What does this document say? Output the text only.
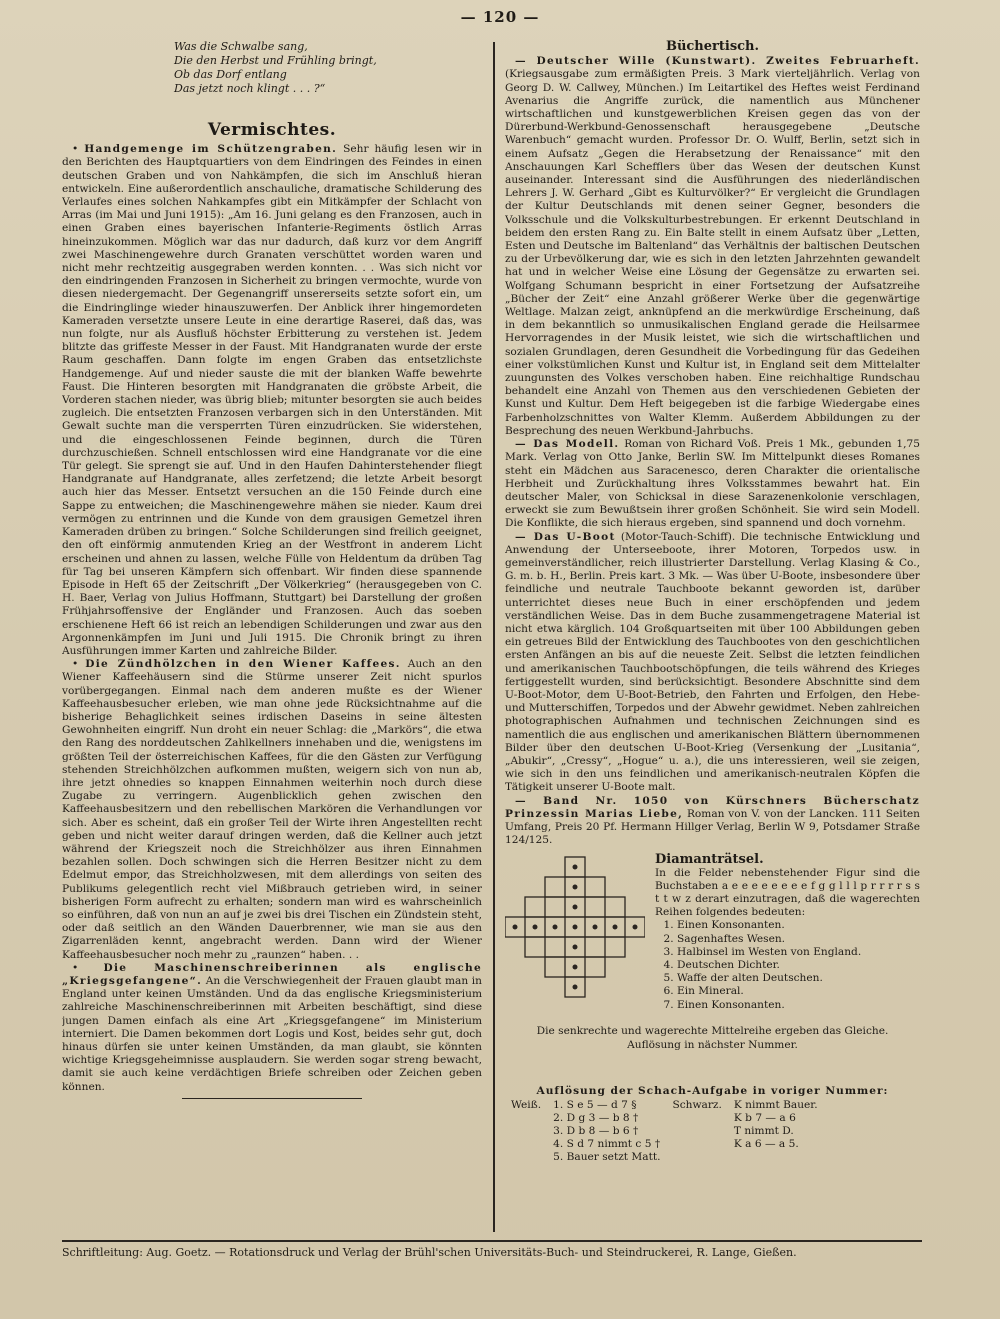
— 120 —
Was die Schwalbe sang,
Die den Herbst und Frühling bringt,
Ob das Dorf entlang
Das jetzt noch klingt . . . ?“
Vermischtes.

• Handgemenge im Schützengraben. Sehr häufig lesen wir in den Berichten des Hauptquartiers von dem Eindringen des Feindes in einen deutschen Graben und von Nahkämpfen, die sich im Anschluß hieran entwickeln. Eine außerordentlich anschauliche, dramatische Schilderung des Verlaufes eines solchen Nahkampfes gibt ein Mitkämpfer der Schlacht von Arras (im Mai und Juni 1915): „Am 16. Juni gelang es den Franzosen, auch in einen Graben eines bayerischen Infanterie-Regiments östlich Arras hineinzukommen. Möglich war das nur dadurch, daß kurz vor dem Angriff zwei Maschinengewehre durch Granaten verschüttet worden waren und nicht mehr rechtzeitig ausgegraben werden konnten. . . Was sich nicht vor den eindringenden Franzosen in Sicherheit zu bringen vermochte, wurde von diesen niedergemacht. Der Gegenangriff unsererseits setzte sofort ein, um die Eindringlinge wieder hinauszuwerfen. Der Anblick ihrer hingemordeten Kameraden versetzte unsere Leute in eine derartige Raserei, daß das, was nun folgte, nur als Ausfluß höchster Erbitterung zu verstehen ist. Jedem blitzte das griffeste Messer in der Faust. Mit Handgranaten wurde der erste Raum geschaffen. Dann folgte im engen Graben das entsetzlichste Handgemenge. Auf und nieder sauste die mit der blanken Waffe bewehrte Faust. Die Hinteren besorgten mit Handgranaten die gröbste Arbeit, die Vorderen stachen nieder, was übrig blieb; mitunter besorgten sie auch beides zugleich. Die entsetzten Franzosen verbargen sich in den Unterständen. Mit Gewalt suchte man die versperrten Türen einzudrücken. Sie widerstehen, und die eingeschlossenen Feinde beginnen, durch die Türen durchzuschießen. Schnell entschlossen wird eine Handgranate vor die eine Tür gelegt. Sie sprengt sie auf. Und in den Haufen Dahinterstehender fliegt Handgranate auf Handgranate, alles zerfetzend; die letzte Arbeit besorgt auch hier das Messer. Entsetzt versuchen an die 150 Feinde durch eine Sappe zu entweichen; die Maschinengewehre mähen sie nieder. Kaum drei vermögen zu entrinnen und die Kunde von dem grausigen Gemetzel ihren Kameraden drüben zu bringen.“ Solche Schilderungen sind freilich geeignet, den oft einförmig anmutenden Krieg an der Westfront in anderem Licht erscheinen und ahnen zu lassen, welche Fülle von Heldentum da drüben Tag für Tag bei unseren Kämpfern sich offenbart. Wir finden diese spannende Episode in Heft 65 der Zeitschrift „Der Völkerkrieg“ (herausgegeben von C. H. Baer, Verlag von Julius Hoffmann, Stuttgart) bei Darstellung der großen Frühjahrsoffensive der Engländer und Franzosen. Auch das soeben erschienene Heft 66 ist reich an lebendigen Schilderungen und zwar aus den Argonnenkämpfen im Juni und Juli 1915. Die Chronik bringt zu ihren Ausführungen immer Karten und zahlreiche Bilder.

• Die Zündhölzchen in den Wiener Kaffees. Auch an den Wiener Kaffeehäusern sind die Stürme unserer Zeit nicht spurlos vorübergegangen. Einmal nach dem anderen mußte es der Wiener Kaffeehausbesucher erleben, wie man ohne jede Rücksichtnahme auf die bisherige Behaglichkeit seines irdischen Daseins in seine ältesten Gewohnheiten eingriff. Nun droht ein neuer Schlag: die „Markörs“, die etwa den Rang des norddeutschen Zahlkellners innehaben und die, wenigstens im größten Teil der österreichischen Kaffees, für die den Gästen zur Verfügung stehenden Streichhölzchen aufkommen mußten, weigern sich von nun ab, ihre jetzt ohnedies so knappen Einnahmen weiterhin noch durch diese Zugabe zu verringern. Augenblicklich gehen zwischen den Kaffeehausbesitzern und den rebellischen Markören die Verhandlungen vor sich. Aber es scheint, daß ein großer Teil der Wirte ihren Angestellten recht geben und nicht weiter darauf dringen werden, daß die Kellner auch jetzt während der Kriegszeit noch die Streichhölzer aus ihren Einnahmen bezahlen sollen. Doch schwingen sich die Herren Besitzer nicht zu dem Edelmut empor, das Streichholzwesen, mit dem allerdings von seiten des Publikums gelegentlich recht viel Mißbrauch getrieben wird, in seiner bisherigen Form aufrecht zu erhalten; sondern man wird es wahrscheinlich so einführen, daß von nun an auf je zwei bis drei Tischen ein Zündstein steht, oder daß seitlich an den Wänden Dauerbrenner, wie man sie aus den Zigarrenläden kennt, angebracht werden. Dann wird der Wiener Kaffeehausbesucher noch mehr zu „raunzen“ haben. . .

• Die Maschinenschreiberinnen als englische „Kriegsgefangene“. An die Verschwiegenheit der Frauen glaubt man in England unter keinen Umständen. Und da das englische Kriegsministerium zahlreiche Maschinenschreiberinnen mit Arbeiten beschäftigt, sind diese jungen Damen einfach als eine Art „Kriegsgefangene“ im Ministerium interniert. Die Damen bekommen dort Logis und Kost, beides sehr gut, doch hinaus dürfen sie unter keinen Umständen, da man glaubt, sie könnten wichtige Kriegsgeheimnisse ausplaudern. Sie werden sogar streng bewacht, damit sie auch keine verdächtigen Briefe schreiben oder Zeichen geben können.

Büchertisch.

— Deutscher Wille (Kunstwart). Zweites Februarheft. (Kriegsausgabe zum ermäßigten Preis. 3 Mark vierteljährlich. Verlag von Georg D. W. Callwey, München.) Im Leitartikel des Heftes weist Ferdinand Avenarius die Angriffe zurück, die namentlich aus Münchener wirtschaftlichen und kunstgewerblichen Kreisen gegen das von der Dürerbund-Werkbund-Genossenschaft herausgegebene „Deutsche Warenbuch“ gemacht wurden. Professor Dr. O. Wulff, Berlin, setzt sich in einem Aufsatz „Gegen die Herabsetzung der Renaissance“ mit den Anschauungen Karl Schefflers über das Wesen der deutschen Kunst auseinander. Interessant sind die Ausführungen des niederländischen Lehrers J. W. Gerhard „Gibt es Kulturvölker?“ Er vergleicht die Grundlagen der Kultur Deutschlands mit denen seiner Gegner, besonders die Volksschule und die Volkskulturbestrebungen. Er erkennt Deutschland in beidem den ersten Rang zu. Ein Balte stellt in einem Aufsatz über „Letten, Esten und Deutsche im Baltenland“ das Verhältnis der baltischen Deutschen zu der Urbevölkerung dar, wie es sich in den letzten Jahrzehnten gewandelt hat und in welcher Weise eine Lösung der Gegensätze zu erwarten sei. Wolfgang Schumann bespricht in einer Fortsetzung der Aufsatzreihe „Bücher der Zeit“ eine Anzahl größerer Werke über die gegenwärtige Weltlage. Malzan zeigt, anknüpfend an die merkwürdige Erscheinung, daß in dem bekanntlich so unmusikalischen England gerade die Heilsarmee Hervorragendes in der Musik leistet, wie sich die wirtschaftlichen und sozialen Grundlagen, deren Gesundheit die Vorbedingung für das Gedeihen einer volkstümlichen Kunst und Kultur ist, in England seit dem Mittelalter zuungunsten des Volkes verschoben haben. Eine reichhaltige Rundschau behandelt eine Anzahl von Themen aus den verschiedenen Gebieten der Kunst und Kultur. Dem Heft beigegeben ist die farbige Wiedergabe eines Farbenholzschnittes von Walter Klemm. Außerdem Abbildungen zu der Besprechung des neuen Werkbund-Jahrbuchs.

— Das Modell. Roman von Richard Voß. Preis 1 Mk., gebunden 1,75 Mark. Verlag von Otto Janke, Berlin SW. Im Mittelpunkt dieses Romanes steht ein Mädchen aus Saracenesco, deren Charakter die orientalische Herbheit und Zurückhaltung ihres Volksstammes bewahrt hat. Ein deutscher Maler, von Schicksal in diese Sarazenenkolonie verschlagen, erweckt sie zum Bewußtsein ihrer großen Schönheit. Sie wird sein Modell. Die Konflikte, die sich hieraus ergeben, sind spannend und doch vornehm.

— Das U-Boot (Motor-Tauch-Schiff). Die technische Entwicklung und Anwendung der Unterseeboote, ihrer Motoren, Torpedos usw. in gemeinverständlicher, reich illustrierter Darstellung. Verlag Klasing & Co., G. m. b. H., Berlin. Preis kart. 3 Mk. — Was über U-Boote, insbesondere über feindliche und neutrale Tauchboote bekannt geworden ist, darüber unterrichtet dieses neue Buch in einer erschöpfenden und jedem verständlichen Weise. Das in dem Buche zusammengetragene Material ist nicht etwa kärglich. 104 Großquartseiten mit über 100 Abbildungen geben ein getreues Bild der Entwicklung des Tauchbootes von den geschichtlichen ersten Anfängen an bis auf die neueste Zeit. Selbst die letzten feindlichen und amerikanischen Tauchbootschöpfungen, die teils während des Krieges fertiggestellt wurden, sind berücksichtigt. Besondere Abschnitte sind dem U-Boot-Motor, dem U-Boot-Betrieb, den Fahrten und Erfolgen, den Hebe- und Mutterschiffen, Torpedos und der Abwehr gewidmet. Neben zahlreichen photographischen Aufnahmen und technischen Zeichnungen sind es namentlich die aus englischen und amerikanischen Blättern übernommenen Bilder über den deutschen U-Boot-Krieg (Versenkung der „Lusitania“, „Abukir“, „Cressy“, „Hogue“ u. a.), die uns interessieren, weil sie zeigen, wie sich in den uns feindlichen und amerikanisch-neutralen Köpfen die Tätigkeit unserer U-Boote malt.

— Band Nr. 1050 von Kürschners Bücherschatz Prinzessin Marias Liebe, Roman von V. von der Lancken. 111 Seiten Umfang, Preis 20 Pf. Hermann Hillger Verlag, Berlin W 9, Potsdamer Straße 124/125.

Diamanträtsel.
In die Felder nebenstehender Figur sind die Buchstaben a e e e e e e e e f g g l l l p r r r r s s t t w z derart einzutragen, daß die wagerechten Reihen folgendes bedeuten:
1. Einen Konsonanten.
2. Sagenhaftes Wesen.
3. Halbinsel im Westen von England.
4. Deutschen Dichter.
5. Waffe der alten Deutschen.
6. Ein Mineral.
7. Einen Konsonanten.
Die senkrechte und wagerechte Mittelreihe ergeben das Gleiche.
Auflösung in nächster Nummer.
Auflösung der Schach-Aufgabe in voriger Nummer:
Weiß.	1. S e 5 — d 7 §	Schwarz.	K nimmt Bauer.
	2. D g 3 — b 8 †		K b 7 — a 6
	3. D b 8 — b 6 †		T nimmt D.
	4. S d 7 nimmt c 5 †		K a 6 — a 5.
	5. Bauer setzt Matt.		
Schriftleitung: Aug. Goetz. — Rotationsdruck und Verlag der Brühl'schen Universitäts-Buch- und Steindruckerei, R. Lange, Gießen.
